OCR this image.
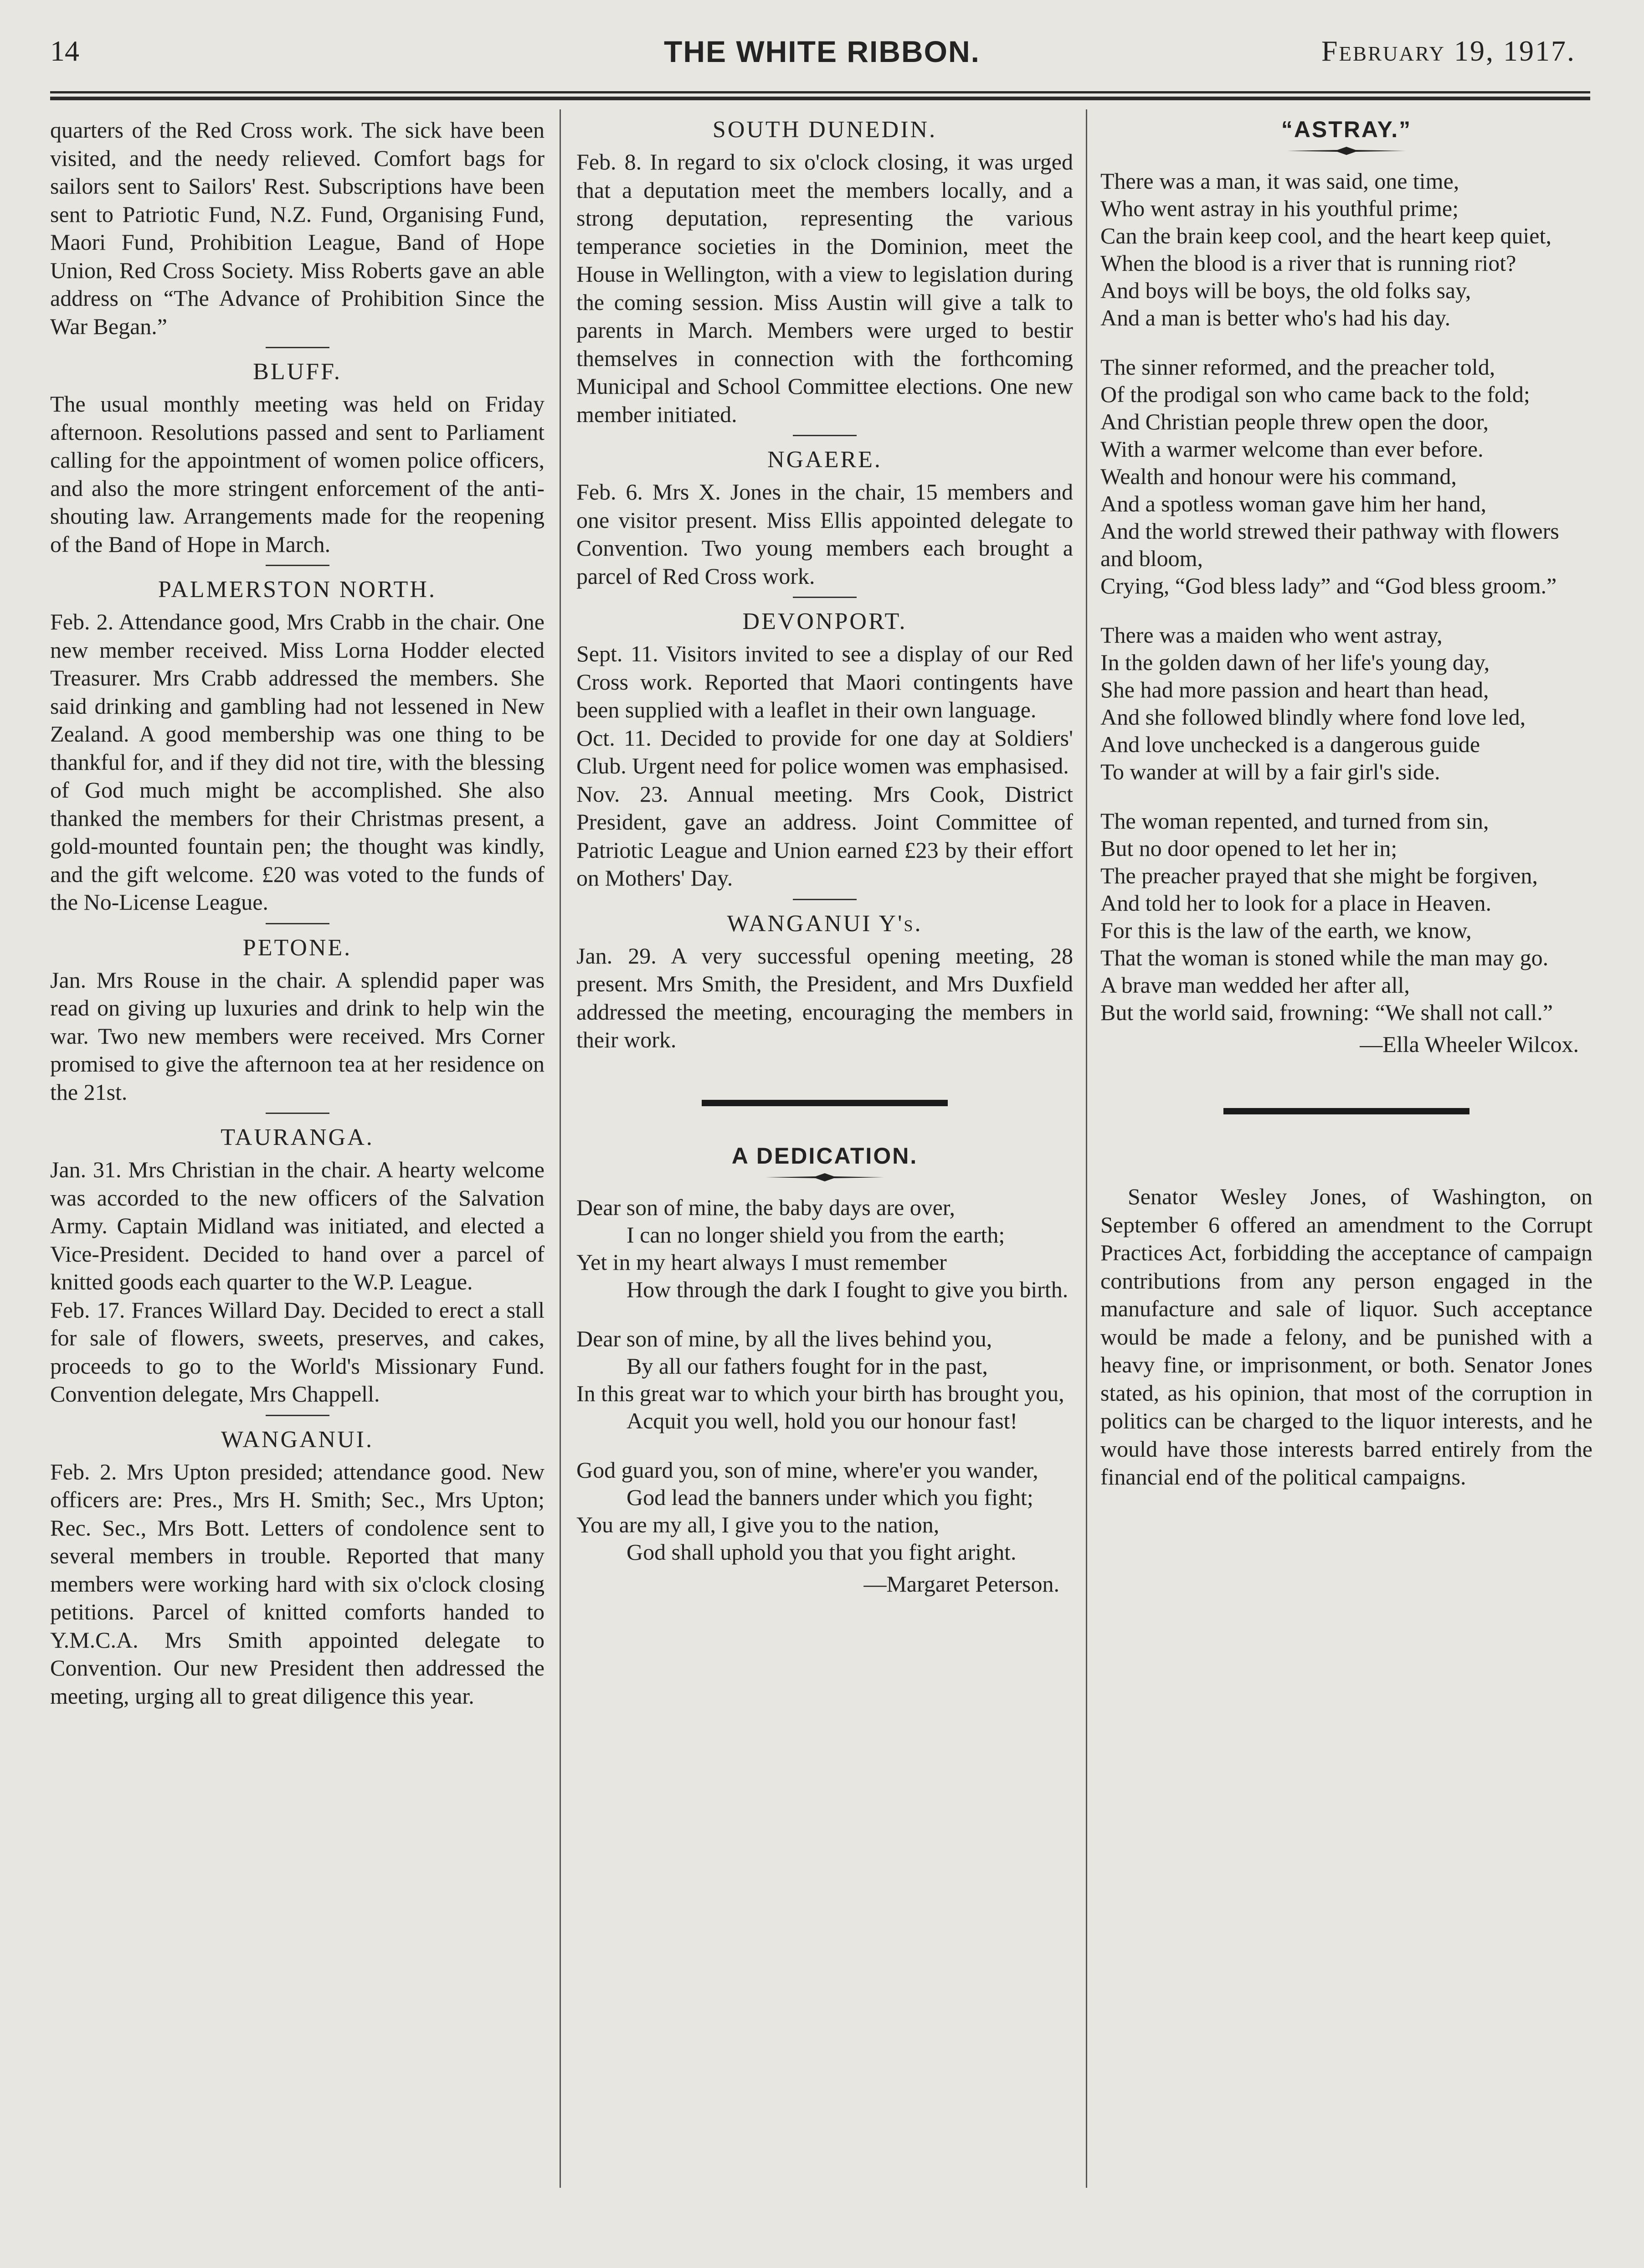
14	THE WHITE RIBBON.	February 19, 1917.

quarters of the Red Cross work. The sick have been visited, and the needy relieved. Comfort bags for sailors sent to Sailors' Rest. Subscriptions have been sent to Patriotic Fund, N.Z. Fund, Organising Fund, Maori Fund, Prohibition League, Band of Hope Union, Red Cross Society. Miss Roberts gave an able address on “The Advance of Prohibition Since the War Began.”

BLUFF.

The usual monthly meeting was held on Friday afternoon. Resolutions passed and sent to Parliament calling for the appointment of women police officers, and also the more stringent enforcement of the anti-shouting law. Arrangements made for the reopening of the Band of Hope in March.

PALMERSTON NORTH.

Feb. 2. Attendance good, Mrs Crabb in the chair. One new member received. Miss Lorna Hodder elected Treasurer. Mrs Crabb addressed the members. She said drinking and gambling had not lessened in New Zealand. A good membership was one thing to be thankful for, and if they did not tire, with the blessing of God much might be accomplished. She also thanked the members for their Christmas present, a gold-mounted fountain pen; the thought was kindly, and the gift welcome. £20 was voted to the funds of the No-License League.

PETONE.

Jan. Mrs Rouse in the chair. A splendid paper was read on giving up luxuries and drink to help win the war. Two new members were received. Mrs Corner promised to give the afternoon tea at her residence on the 21st.

TAURANGA.

Jan. 31. Mrs Christian in the chair. A hearty welcome was accorded to the new officers of the Salvation Army. Captain Midland was initiated, and elected a Vice-President. Decided to hand over a parcel of knitted goods each quarter to the W.P. League.

Feb. 17. Frances Willard Day. Decided to erect a stall for sale of flowers, sweets, preserves, and cakes, proceeds to go to the World's Missionary Fund. Convention delegate, Mrs Chappell.

WANGANUI.

Feb. 2. Mrs Upton presided; attendance good. New officers are: Pres., Mrs H. Smith; Sec., Mrs Upton; Rec. Sec., Mrs Bott. Letters of condolence sent to several members in trouble. Reported that many members were working hard with six o'clock closing petitions. Parcel of knitted comforts handed to Y.M.C.A. Mrs Smith appointed delegate to Convention. Our new President then addressed the meeting, urging all to great diligence this year.

SOUTH DUNEDIN.

Feb. 8. In regard to six o'clock closing, it was urged that a deputation meet the members locally, and a strong deputation, representing the various temperance societies in the Dominion, meet the House in Wellington, with a view to legislation during the coming session. Miss Austin will give a talk to parents in March. Members were urged to bestir themselves in connection with the forthcoming Municipal and School Committee elections. One new member initiated.

NGAERE.

Feb. 6. Mrs X. Jones in the chair, 15 members and one visitor present. Miss Ellis appointed delegate to Convention. Two young members each brought a parcel of Red Cross work.

DEVONPORT.

Sept. 11. Visitors invited to see a display of our Red Cross work. Reported that Maori contingents have been supplied with a leaflet in their own language.

Oct. 11. Decided to provide for one day at Soldiers' Club. Urgent need for police women was emphasised.

Nov. 23. Annual meeting. Mrs Cook, District President, gave an address. Joint Committee of Patriotic League and Union earned £23 by their effort on Mothers' Day.

WANGANUI Y's.

Jan. 29. A very successful opening meeting, 28 present. Mrs Smith, the President, and Mrs Duxfield addressed the meeting, encouraging the members in their work.

A DEDICATION.

Dear son of mine, the baby days are over,

I can no longer shield you from the earth;

Yet in my heart always I must remember

How through the dark I fought to give you birth.

Dear son of mine, by all the lives behind you,

By all our fathers fought for in the past,

In this great war to which your birth has brought you,

Acquit you well, hold you our honour fast!

God guard you, son of mine, where'er you wander,

God lead the banners under which you fight;

You are my all, I give you to the nation,

God shall uphold you that you fight aright.

—Margaret Peterson.
“ASTRAY.”

There was a man, it was said, one time,

Who went astray in his youthful prime;

Can the brain keep cool, and the heart keep quiet,

When the blood is a river that is running riot?

And boys will be boys, the old folks say,

And a man is better who's had his day.

The sinner reformed, and the preacher told,

Of the prodigal son who came back to the fold;

And Christian people threw open the door,

With a warmer welcome than ever before.

Wealth and honour were his command,

And a spotless woman gave him her hand,

And the world strewed their pathway with flowers and bloom,

Crying, “God bless lady” and “God bless groom.”

There was a maiden who went astray,

In the golden dawn of her life's young day,

She had more passion and heart than head,

And she followed blindly where fond love led,

And love unchecked is a dangerous guide

To wander at will by a fair girl's side.

The woman repented, and turned from sin,

But no door opened to let her in;

The preacher prayed that she might be forgiven,

And told her to look for a place in Heaven.

For this is the law of the earth, we know,

That the woman is stoned while the man may go.

A brave man wedded her after all,

But the world said, frowning: “We shall not call.”

—Ella Wheeler Wilcox.

Senator Wesley Jones, of Washington, on September 6 offered an amendment to the Corrupt Practices Act, forbidding the acceptance of campaign contributions from any person engaged in the manufacture and sale of liquor. Such acceptance would be made a felony, and be punished with a heavy fine, or imprisonment, or both. Senator Jones stated, as his opinion, that most of the corruption in politics can be charged to the liquor interests, and he would have those interests barred entirely from the financial end of the political campaigns.
